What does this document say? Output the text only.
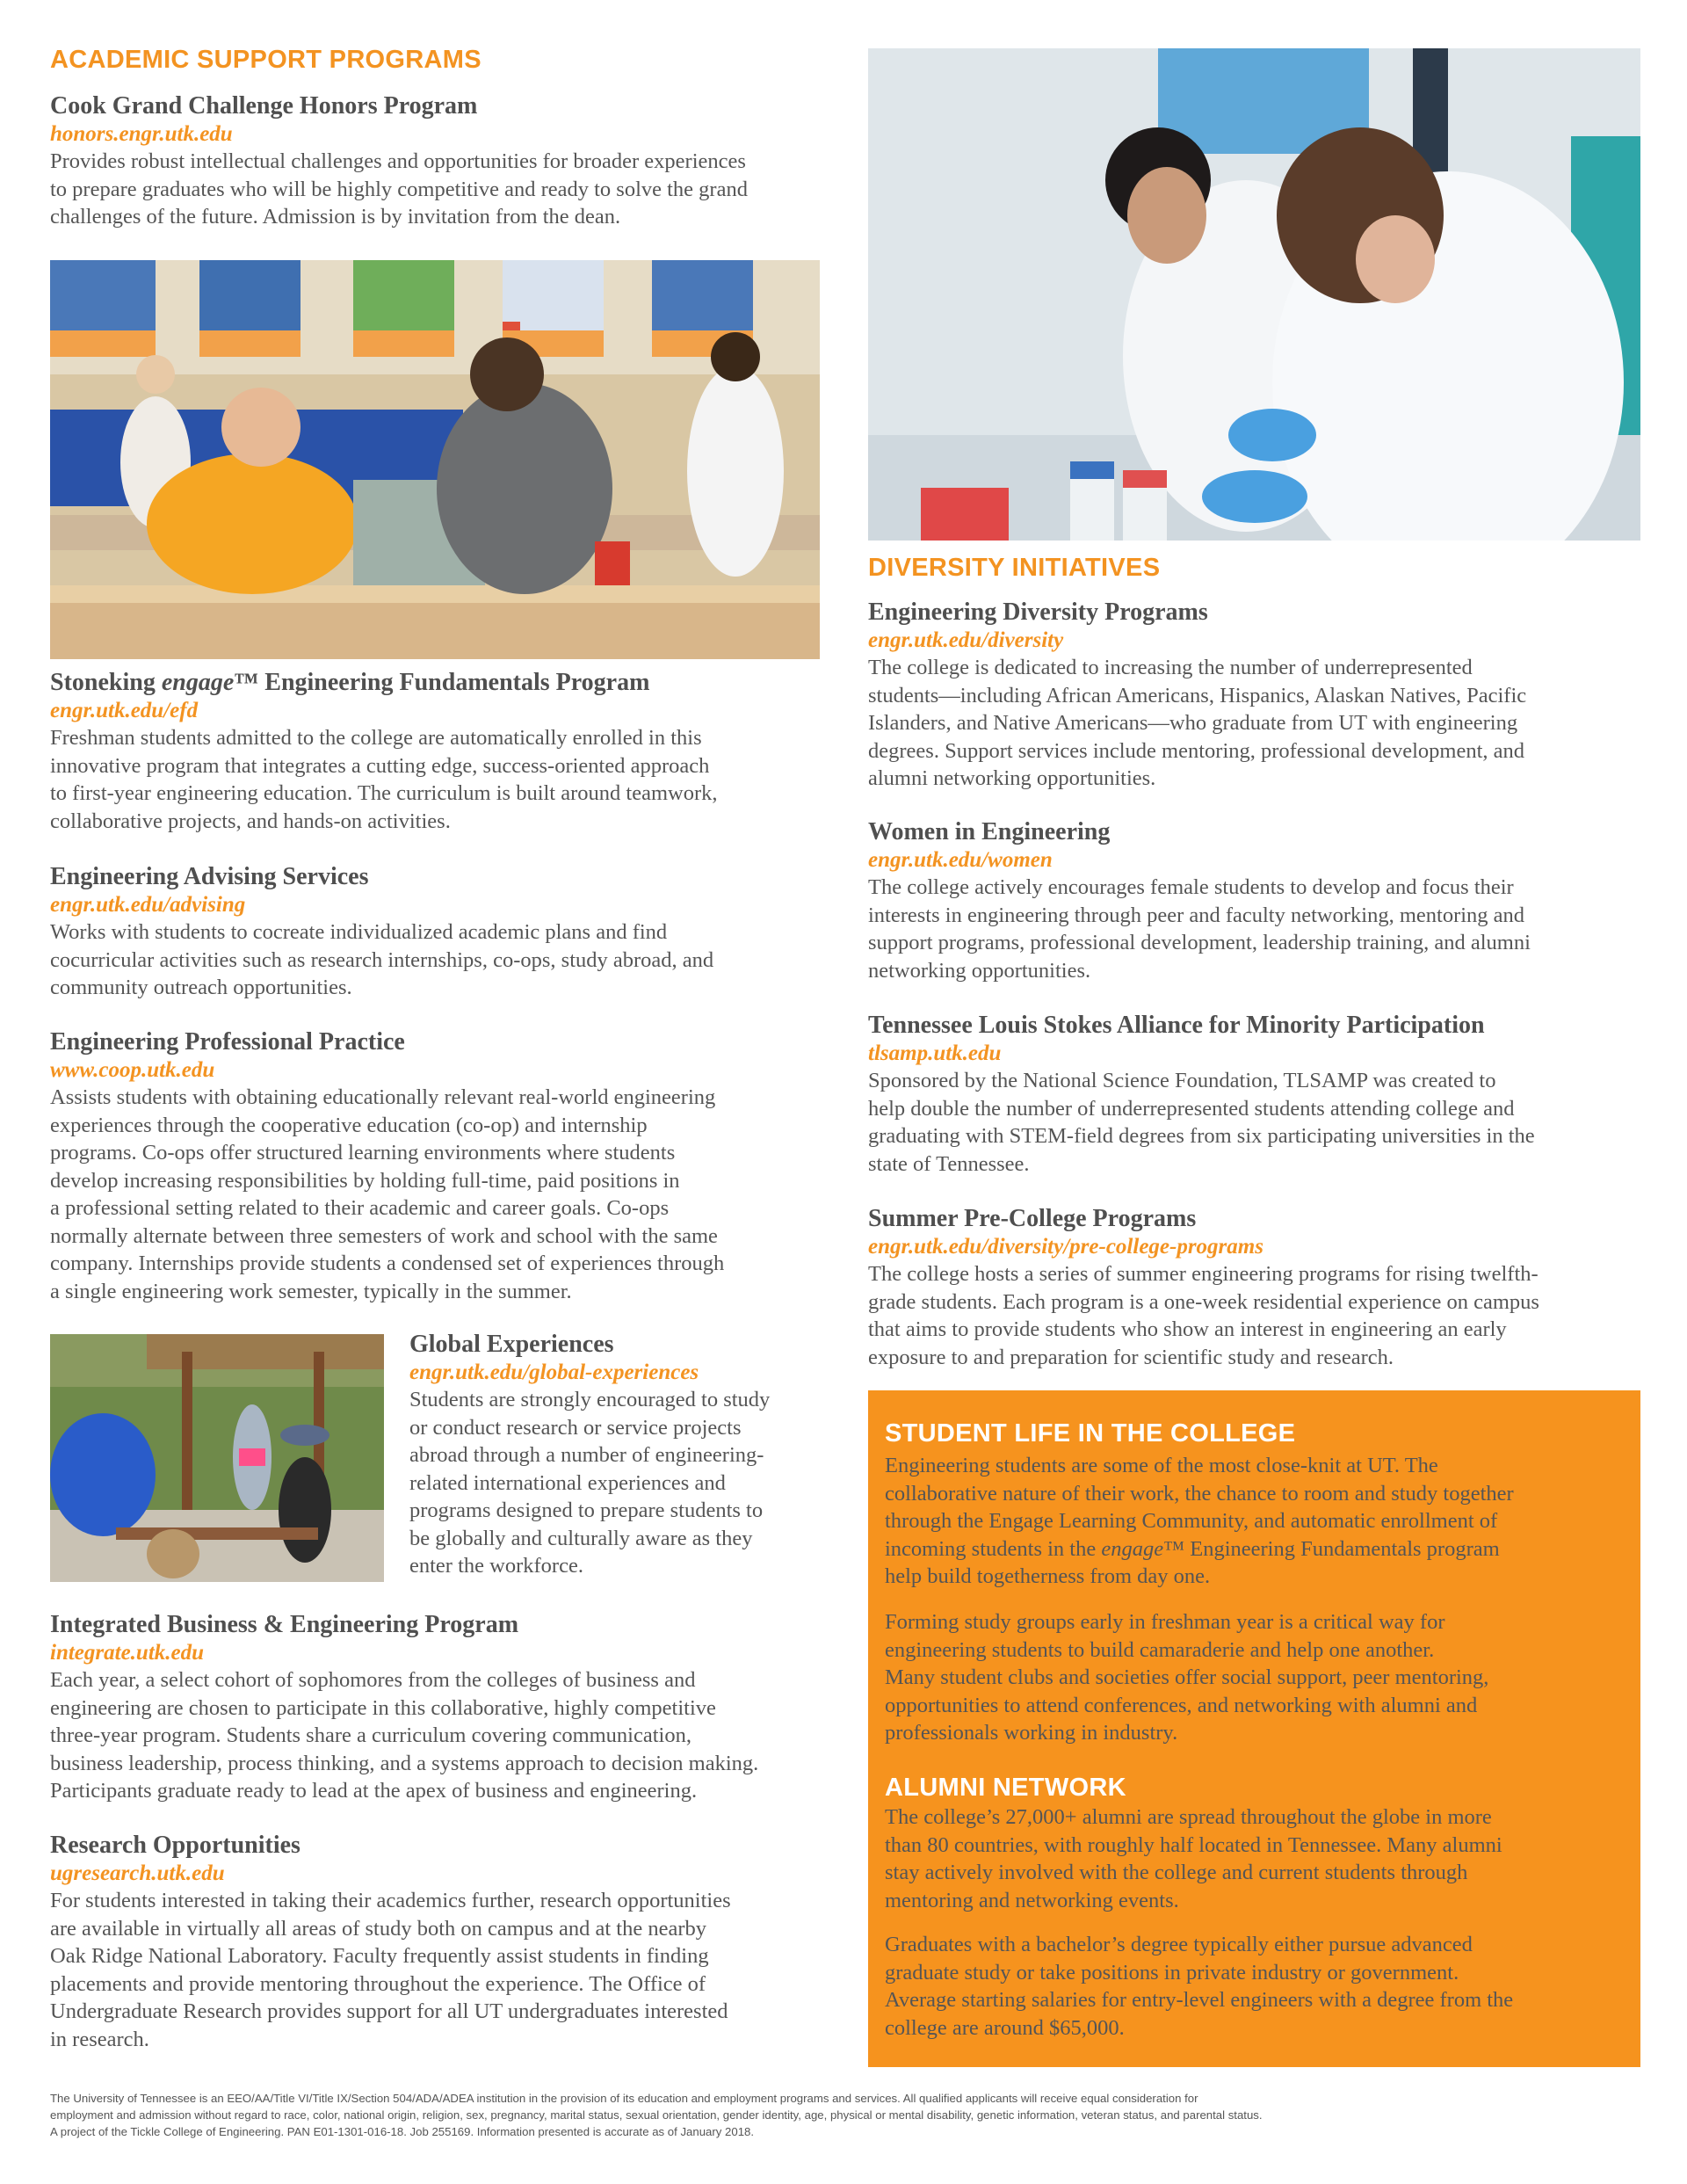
ACADEMIC SUPPORT PROGRAMS
Cook Grand Challenge Honors Program
honors.engr.utk.edu
Provides robust intellectual challenges and opportunities for broader experiences
to prepare graduates who will be highly competitive and ready to solve the grand
challenges of the future. Admission is by invitation from the dean.
Stoneking engage™ Engineering Fundamentals Program
engr.utk.edu/efd
Freshman students admitted to the college are automatically enrolled in this
innovative program that integrates a cutting edge, success-oriented approach
to first-year engineering education. The curriculum is built around teamwork,
collaborative projects, and hands-on activities.
Engineering Advising Services
engr.utk.edu/advising
Works with students to cocreate individualized academic plans and find
cocurricular activities such as research internships, co-ops, study abroad, and
community outreach opportunities.
Engineering Professional Practice
www.coop.utk.edu
Assists students with obtaining educationally relevant real-world engineering
experiences through the cooperative education (co-op) and internship
programs. Co-ops offer structured learning environments where students
develop increasing responsibilities by holding full-time, paid positions in
a professional setting related to their academic and career goals. Co-ops
normally alternate between three semesters of work and school with the same
company. Internships provide students a condensed set of experiences through
a single engineering work semester, typically in the summer.
Global Experiences
engr.utk.edu/global-experiences
Students are strongly encouraged to study
or conduct research or service projects
abroad through a number of engineering-
related international experiences and
programs designed to prepare students to
be globally and culturally aware as they
enter the workforce.
Integrated Business & Engineering Program
integrate.utk.edu
Each year, a select cohort of sophomores from the colleges of business and
engineering are chosen to participate in this collaborative, highly competitive
three-year program. Students share a curriculum covering communication,
business leadership, process thinking, and a systems approach to decision making.
Participants graduate ready to lead at the apex of business and engineering.
Research Opportunities
ugresearch.utk.edu
For students interested in taking their academics further, research opportunities
are available in virtually all areas of study both on campus and at the nearby
Oak Ridge National Laboratory. Faculty frequently assist students in finding
placements and provide mentoring throughout the experience. The Office of
Undergraduate Research provides support for all UT undergraduates interested
in research.
DIVERSITY INITIATIVES
Engineering Diversity Programs
engr.utk.edu/diversity
The college is dedicated to increasing the number of underrepresented
students—including African Americans, Hispanics, Alaskan Natives, Pacific
Islanders, and Native Americans—who graduate from UT with engineering
degrees. Support services include mentoring, professional development, and
alumni networking opportunities.
Women in Engineering
engr.utk.edu/women
The college actively encourages female students to develop and focus their
interests in engineering through peer and faculty networking, mentoring and
support programs, professional development, leadership training, and alumni
networking opportunities.
Tennessee Louis Stokes Alliance for Minority Participation
tlsamp.utk.edu
Sponsored by the National Science Foundation, TLSAMP was created to
help double the number of underrepresented students attending college and
graduating with STEM-field degrees from six participating universities in the
state of Tennessee.
Summer Pre-College Programs
engr.utk.edu/diversity/pre-college-programs
The college hosts a series of summer engineering programs for rising twelfth-
grade students. Each program is a one-week residential experience on campus
that aims to provide students who show an interest in engineering an early
exposure to and preparation for scientific study and research.
STUDENT LIFE IN THE COLLEGE
Engineering students are some of the most close-knit at UT. The
collaborative nature of their work, the chance to room and study together
through the Engage Learning Community, and automatic enrollment of
incoming students in the engage™ Engineering Fundamentals program
help build togetherness from day one.
Forming study groups early in freshman year is a critical way for
engineering students to build camaraderie and help one another.
Many student clubs and societies offer social support, peer mentoring,
opportunities to attend conferences, and networking with alumni and
professionals working in industry.
ALUMNI NETWORK
The college’s 27,000+ alumni are spread throughout the globe in more
than 80 countries, with roughly half located in Tennessee. Many alumni
stay actively involved with the college and current students through
mentoring and networking events.
Graduates with a bachelor’s degree typically either pursue advanced
graduate study or take positions in private industry or government.
Average starting salaries for entry-level engineers with a degree from the
college are around $65,000.
The University of Tennessee is an EEO/AA/Title VI/Title IX/Section 504/ADA/ADEA institution in the provision of its education and employment programs and services. All qualified applicants will receive equal consideration for
employment and admission without regard to race, color, national origin, religion, sex, pregnancy, marital status, sexual orientation, gender identity, age, physical or mental disability, genetic information, veteran status, and parental status.
A project of the Tickle College of Engineering. PAN E01-1301-016-18. Job 255169. Information presented is accurate as of January 2018.
